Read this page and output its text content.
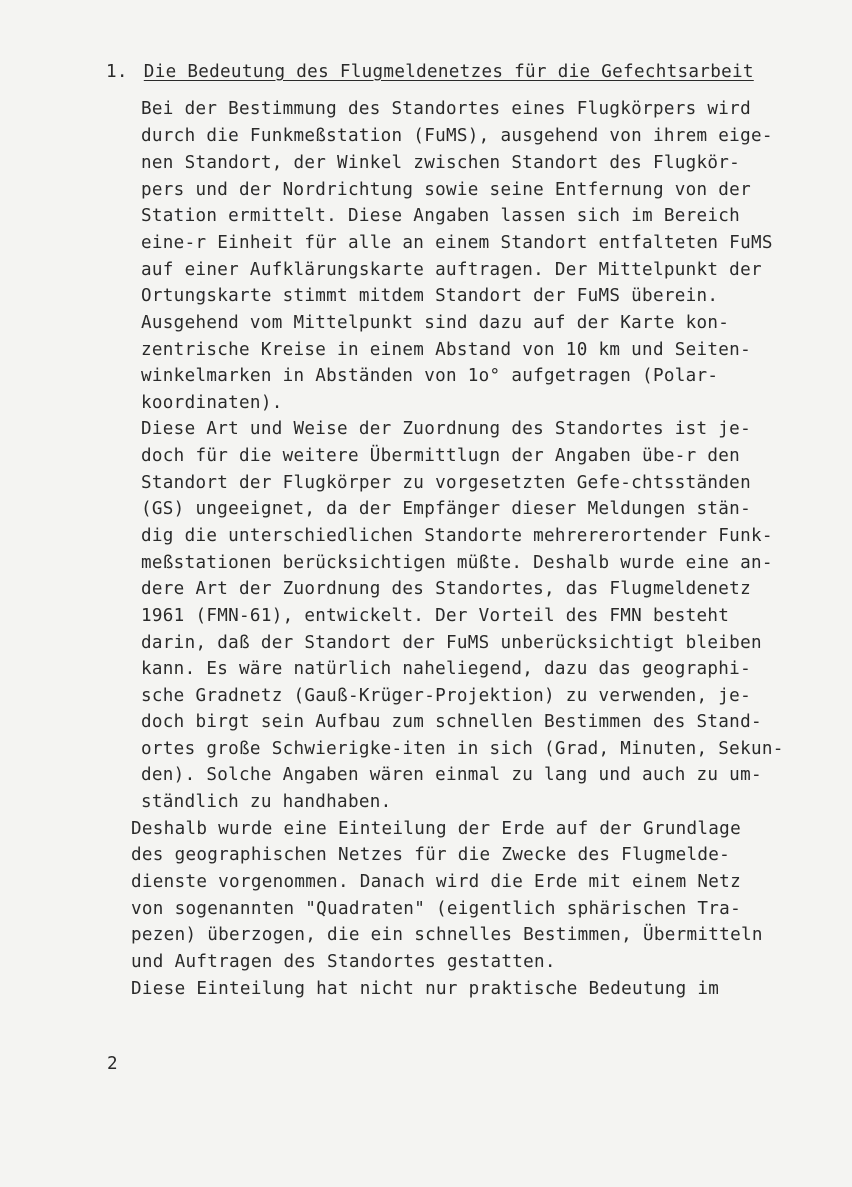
1. Die Bedeutung des Flugmeldenetzes für die Gefechtsarbeit
Bei der Bestimmung des Standortes eines Flugkörpers wird
durch die Funkmeßstation (FuMS), ausgehend von ihrem eige-
nen Standort, der Winkel zwischen Standort des Flugkör-
pers und der Nordrichtung sowie seine Entfernung von der
Station ermittelt. Diese Angaben lassen sich im Bereich
eine-r Einheit für alle an einem Standort entfalteten FuMS
auf einer Aufklärungskarte auftragen. Der Mittelpunkt der
Ortungskarte stimmt mitdem Standort der FuMS überein.
Ausgehend vom Mittelpunkt sind dazu auf der Karte kon-
zentrische Kreise in einem Abstand von 10 km und Seiten-
winkelmarken in Abständen von 1o° aufgetragen (Polar-
koordinaten).
Diese Art und Weise der Zuordnung des Standortes ist je-
doch für die weitere Übermittlugn der Angaben übe-r den
Standort der Flugkörper zu vorgesetzten Gefe-chtsständen
(GS) ungeeignet, da der Empfänger dieser Meldungen stän-
dig die unterschiedlichen Standorte mehrererortender Funk-
meßstationen berücksichtigen müßte. Deshalb wurde eine an-
dere Art der Zuordnung des Standortes, das Flugmeldenetz
1961 (FMN-61), entwickelt. Der Vorteil des FMN besteht
darin, daß der Standort der FuMS unberücksichtigt bleiben
kann. Es wäre natürlich naheliegend, dazu das geographi-
sche Gradnetz (Gauß-Krüger-Projektion) zu verwenden, je-
doch birgt sein Aufbau zum schnellen Bestimmen des Stand-
ortes große Schwierigke-iten in sich (Grad, Minuten, Sekun-
den). Solche Angaben wären einmal zu lang und auch zu um-
ständlich zu handhaben.
Deshalb wurde eine Einteilung der Erde auf der Grundlage
des geographischen Netzes für die Zwecke des Flugmelde-
dienste vorgenommen. Danach wird die Erde mit einem Netz
von sogenannten "Quadraten" (eigentlich sphärischen Tra-
pezen) überzogen, die ein schnelles Bestimmen, Übermitteln
und Auftragen des Standortes gestatten.
Diese Einteilung hat nicht nur praktische Bedeutung im
2
